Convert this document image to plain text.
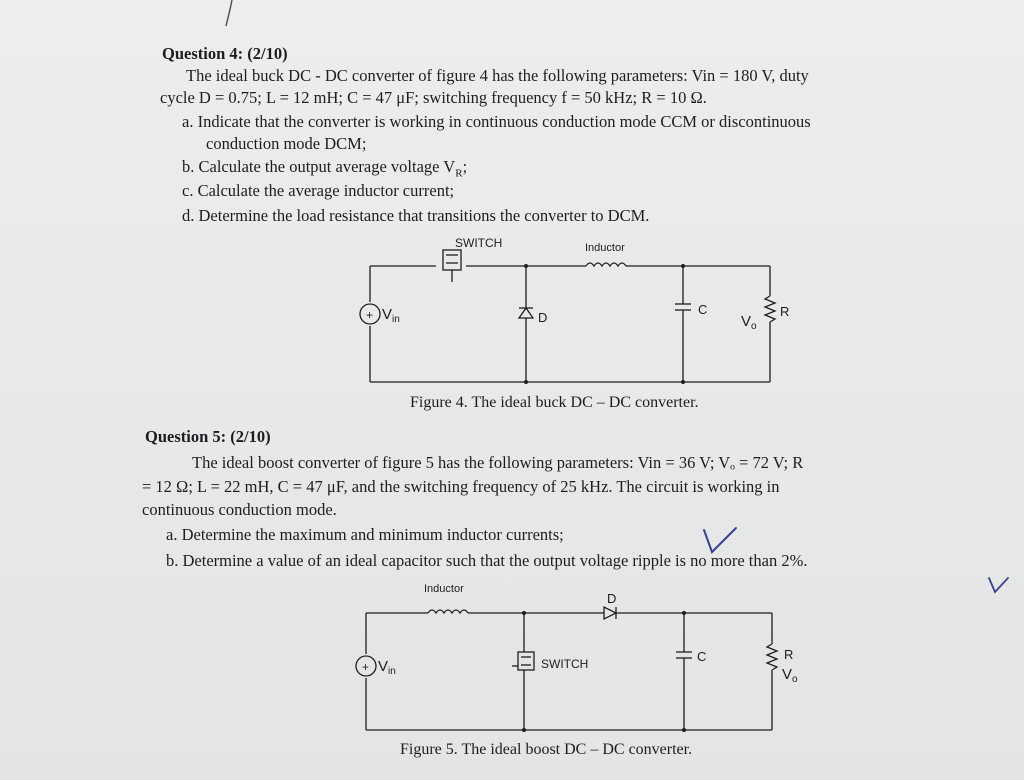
Question 4: (2/10)
The ideal buck DC - DC converter of figure 4 has the following parameters: Vin = 180 V, duty
cycle D = 0.75; L = 12 mH; C = 47 μF; switching frequency f = 50 kHz; R = 10 Ω.
a. Indicate that the converter is working in continuous conduction mode CCM or discontinuous
conduction mode DCM;
b. Calculate the output average voltage $V_R$;
c. Calculate the average inductor current;
d. Determine the load resistance that transitions the converter to DCM.
+
SWITCH	Inductor
$V_{in}$	D
C
$V_o$
R
Figure 4. The ideal buck DC – DC converter.
Question 5: (2/10)
The ideal boost converter of figure 5 has the following parameters: Vin = 36 V; Vₒ = 72 V; R
= 12 Ω; L = 22 mH, C = 47 μF, and the switching frequency of 25 kHz. The circuit is working in
continuous conduction mode.
a. Determine the maximum and minimum inductor currents;
b. Determine a value of an ideal capacitor such that the output voltage ripple is no more than 2%.
+
Inductor
D
$V_{in}$
SWITCH	C	R
$V_o$
Figure 5. The ideal boost DC – DC converter.
